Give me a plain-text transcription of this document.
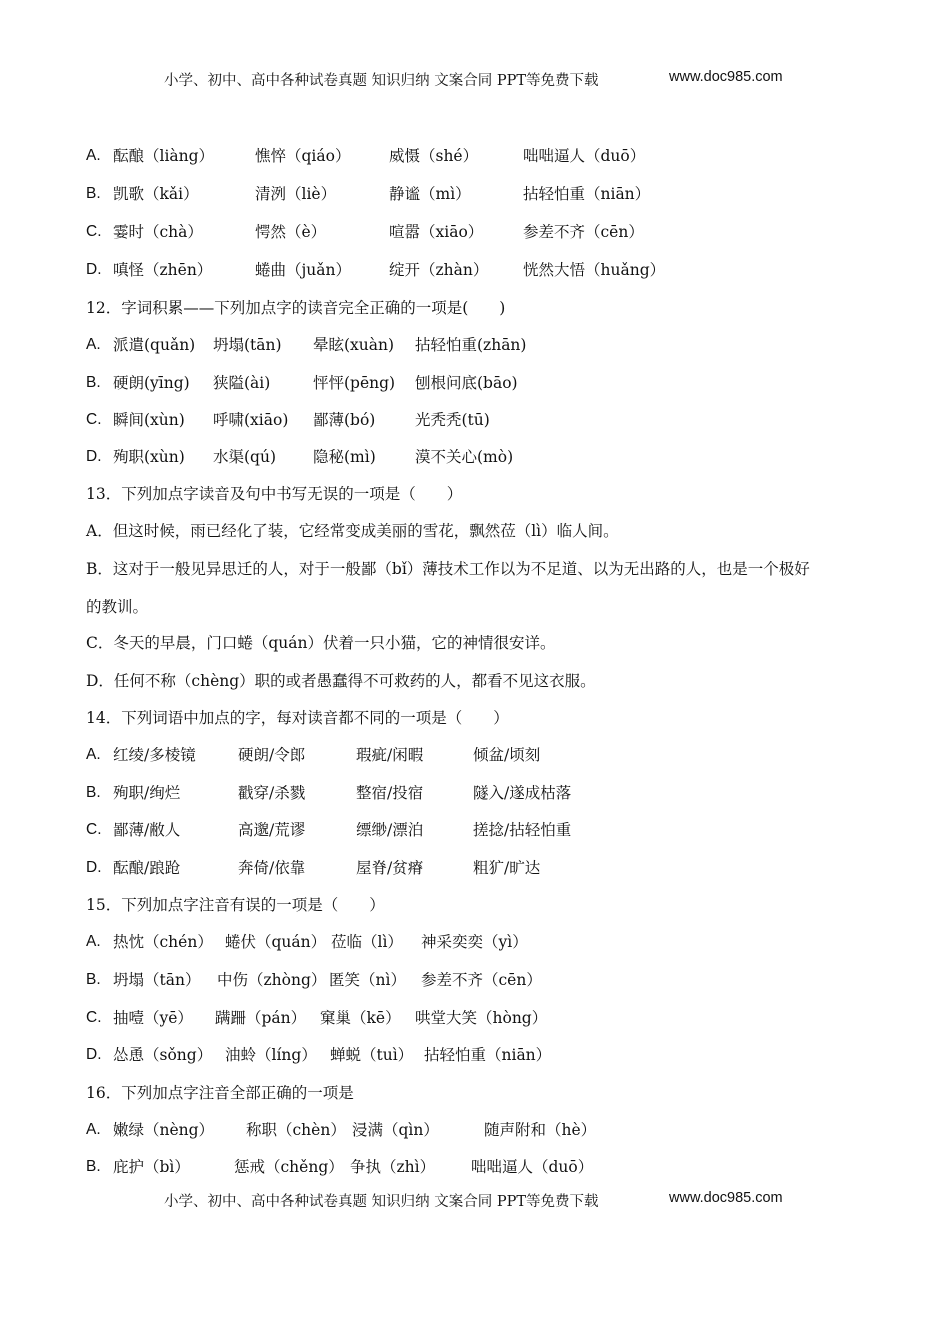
小学、初中、高中各种试卷真题 知识归纳 文案合同 PPT等免费下载	www.doc985.com
A. 酝酿（liàng）	憔悴（qiáo） 威慑（shé）	咄咄逼人（duō）
B. 凯歌（kǎi）	清洌（liè）	静谧（mì）	拈轻怕重（niān）
C. 霎时（chà）	愕然（è）	喧嚣（xiāo）	参差不齐（cēn）
D. 嗔怪（zhēn）	蜷曲（juǎn） 绽开（zhàn） 恍然大悟（huǎng）
12．字词积累——下列加点字的读音完全正确的一项是(　　)
A. 派遣(quǎn) 坍塌(tān) 晕眩(xuàn) 拈轻怕重(zhān)
B. 硬朗(yīng) 狭隘(ài)	怦怦(pēng) 刨根问底(bāo)
C. 瞬间(xùn) 呼啸(xiāo) 鄙薄(bó)	光秃秃(tū)
D. 殉职(xùn) 水渠(qú) 隐秘(mì)	漠不关心(mò)
13．下列加点字读音及句中书写无误的一项是（　　）
A．但这时候，雨已经化了装，它经常变成美丽的雪花，飘然莅（lì）临人间。
B．这对于一般见异思迁的人，对于一般鄙（bǐ）薄技术工作以为不足道、以为无出路的人，也是一个极好
的教训。
C．冬天的早晨，门口蜷（quán）伏着一只小猫，它的神情很安详。
D．任何不称（chèng）职的或者愚蠢得不可救药的人，都看不见这衣服。
14．下列词语中加点的字，每对读音都不同的一项是（　　）
A. 红绫/多棱镜	硬朗/令郎	瑕疵/闲暇	倾盆/顷刻
B. 殉职/绚烂	戳穿/杀戮	整宿/投宿	隧入/遂成枯落
C. 鄙薄/敝人	高邈/荒谬	缥缈/漂泊	搓捻/拈轻怕重
D. 酝酿/踉跄	奔倚/依靠	屋脊/贫瘠	粗犷/旷达
15．下列加点字注音有误的一项是（　　）
A. 热忱（chén） 蜷伏（quán） 莅临（lì） 神采奕奕（yì）
B. 坍塌（tān） 中伤（zhòng） 匿笑（nì） 参差不齐（cēn）
C. 抽噎（yē） 蹒跚（pán） 窠巢（kē） 哄堂大笑（hòng）
D. 怂恿（sǒng） 油蛉（líng） 蝉蜕（tuì） 拈轻怕重（niān）
16．下列加点字注音全部正确的一项是
A. 嫩绿（nèng） 称职（chèn） 浸满（qìn）	随声附和（hè）
B. 庇护（bì）	惩戒（chěng） 争执（zhì） 咄咄逼人（duō）
小学、初中、高中各种试卷真题 知识归纳 文案合同 PPT等免费下载	www.doc985.com
